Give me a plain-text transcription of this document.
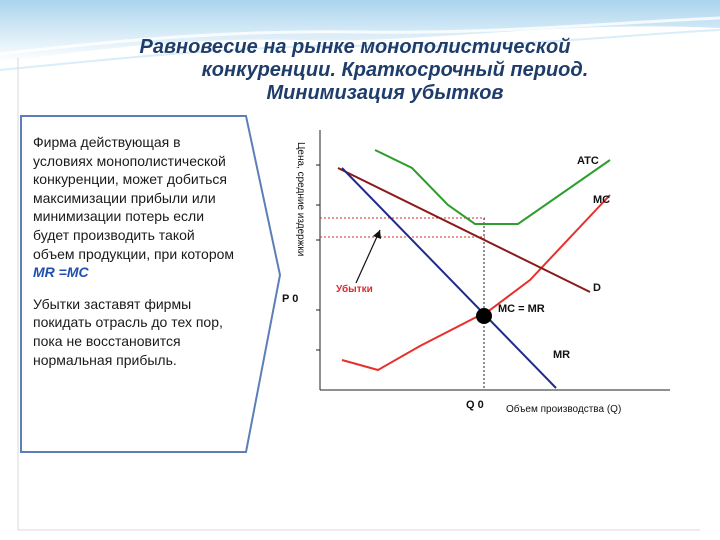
Равновесие на рынке монополистической
конкуренции. Краткосрочный период.
Минимизация убытков

Фирма действующая в условиях монополистической конкуренции, может добиться максимизации прибыли или минимизации потерь если будет производить такой объем продукции, при котором MR =MC

Убытки заставят фирмы покидать отрасль до тех пор, пока не восстановится нормальная прибыль.

Цена, средние издержки	ATC
MC
D
MR
MC = MR
Убытки
P 0
Q 0 Объем производства (Q)
